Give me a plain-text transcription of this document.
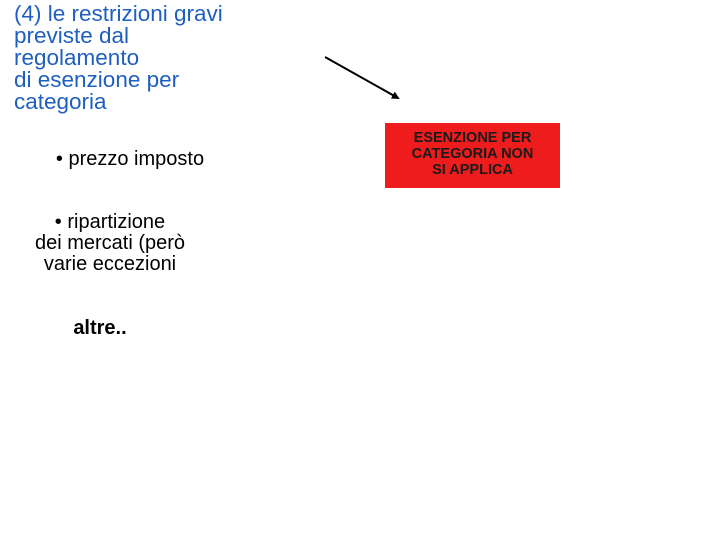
(4) le restrizioni gravi
previste dal
regolamento
di esenzione per
categoria
• prezzo imposto
• ripartizione
dei mercati (però
varie eccezioni
altre..
ESENZIONE PER
CATEGORIA NON
SI APPLICA
